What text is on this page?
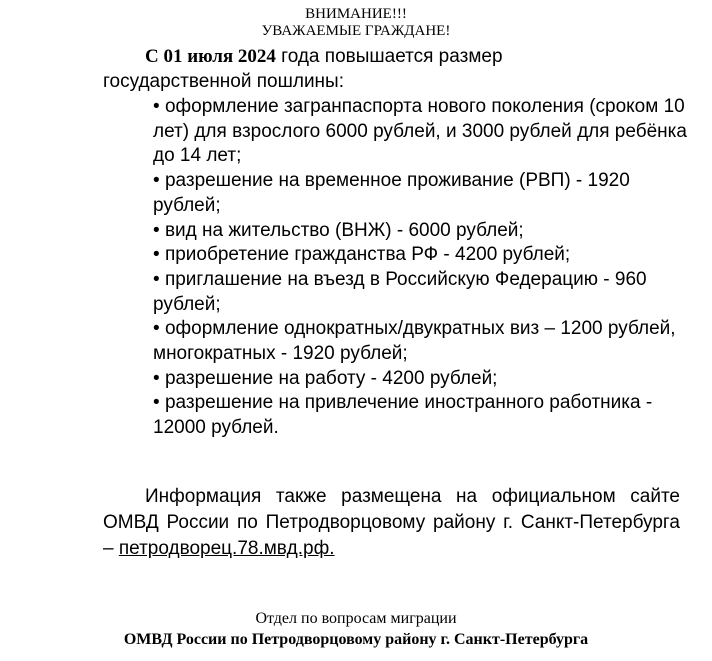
ВНИМАНИЕ!!!
УВАЖАЕМЫЕ ГРАЖДАНЕ!

С 01 июля 2024 года повышается размер государственной пошлины:

• оформление загранпаспорта нового поколения (сроком 10 лет) для взрослого 6000 рублей, и 3000 рублей для ребёнка до 14 лет;
• разрешение на временное проживание (РВП) - 1920 рублей;
• вид на жительство (ВНЖ) - 6000 рублей;
• приобретение гражданства РФ - 4200 рублей;
• приглашение на въезд в Российскую Федерацию - 960 рублей;
• оформление однократных/двукратных виз – 1200 рублей, многократных - 1920 рублей;
• разрешение на работу - 4200 рублей;
• разрешение на привлечение иностранного работника - 12000 рублей.

Информация также размещена на официальном сайте ОМВД России по Петродворцовому району г. Санкт-Петербурга – петродворец.78.мвд.рф.

Отдел по вопросам миграции
ОМВД России по Петродворцовому району г. Санкт-Петербурга
